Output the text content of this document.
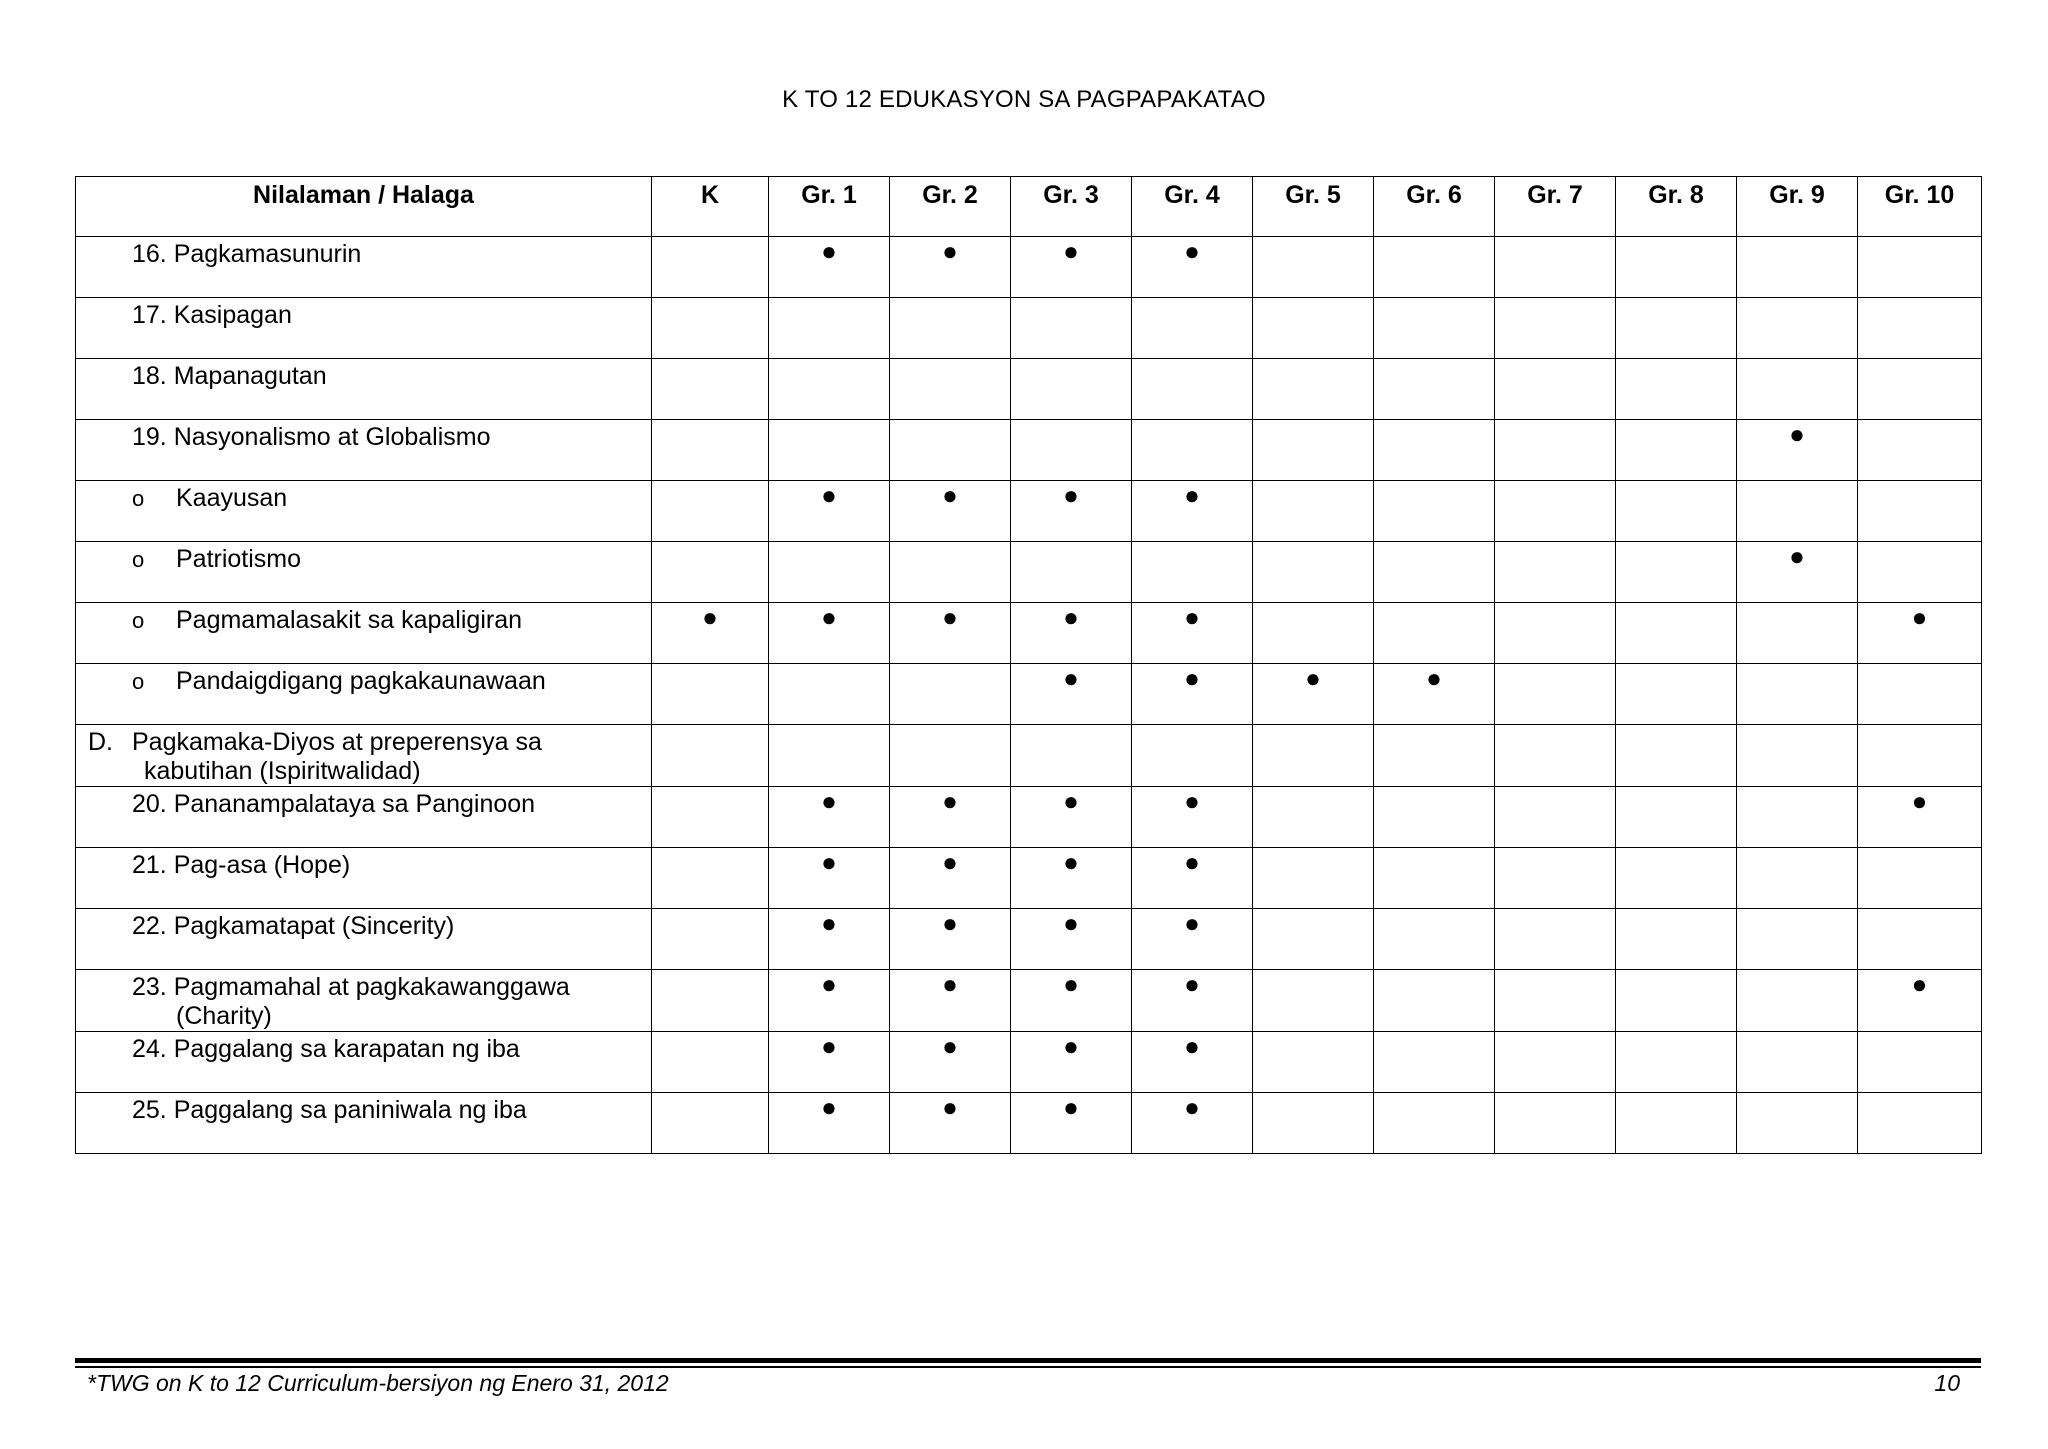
K TO 12 EDUKASYON SA PAGPAPAKATAO
Nilalaman / Halaga	K	Gr. 1	Gr. 2	Gr. 3	Gr. 4	Gr. 5	Gr. 6	Gr. 7	Gr. 8	Gr. 9	Gr. 10

16. Pagkamasunurin		●	●	●	●						

17. Kasipagan											

18. Mapanagutan											

19. Nasyonalismo at Globalismo										●	

o Kaayusan		●	●	●	●						

o Patriotismo										●	

o Pagmamalasakit sa kapaligiran	●	●	●	●	●						●

o Pandaigdigang pagkakaunawaan				●	●	●	●				

D. Pagkamaka-Diyos at preperensya sa
kabutihan (Ispiritwalidad)											

20. Pananampalataya sa Panginoon		●	●	●	●						●

21. Pag-asa (Hope)		●	●	●	●						

22. Pagkamatapat (Sincerity)		●	●	●	●						

23. Pagmamahal at pagkakawanggawa
(Charity)		●	●	●	●						●

24. Paggalang sa karapatan ng iba		●	●	●	●						

25. Paggalang sa paniniwala ng iba		●	●	●	●						
*TWG on K to 12 Curriculum-bersiyon ng Enero 31, 2012	10
